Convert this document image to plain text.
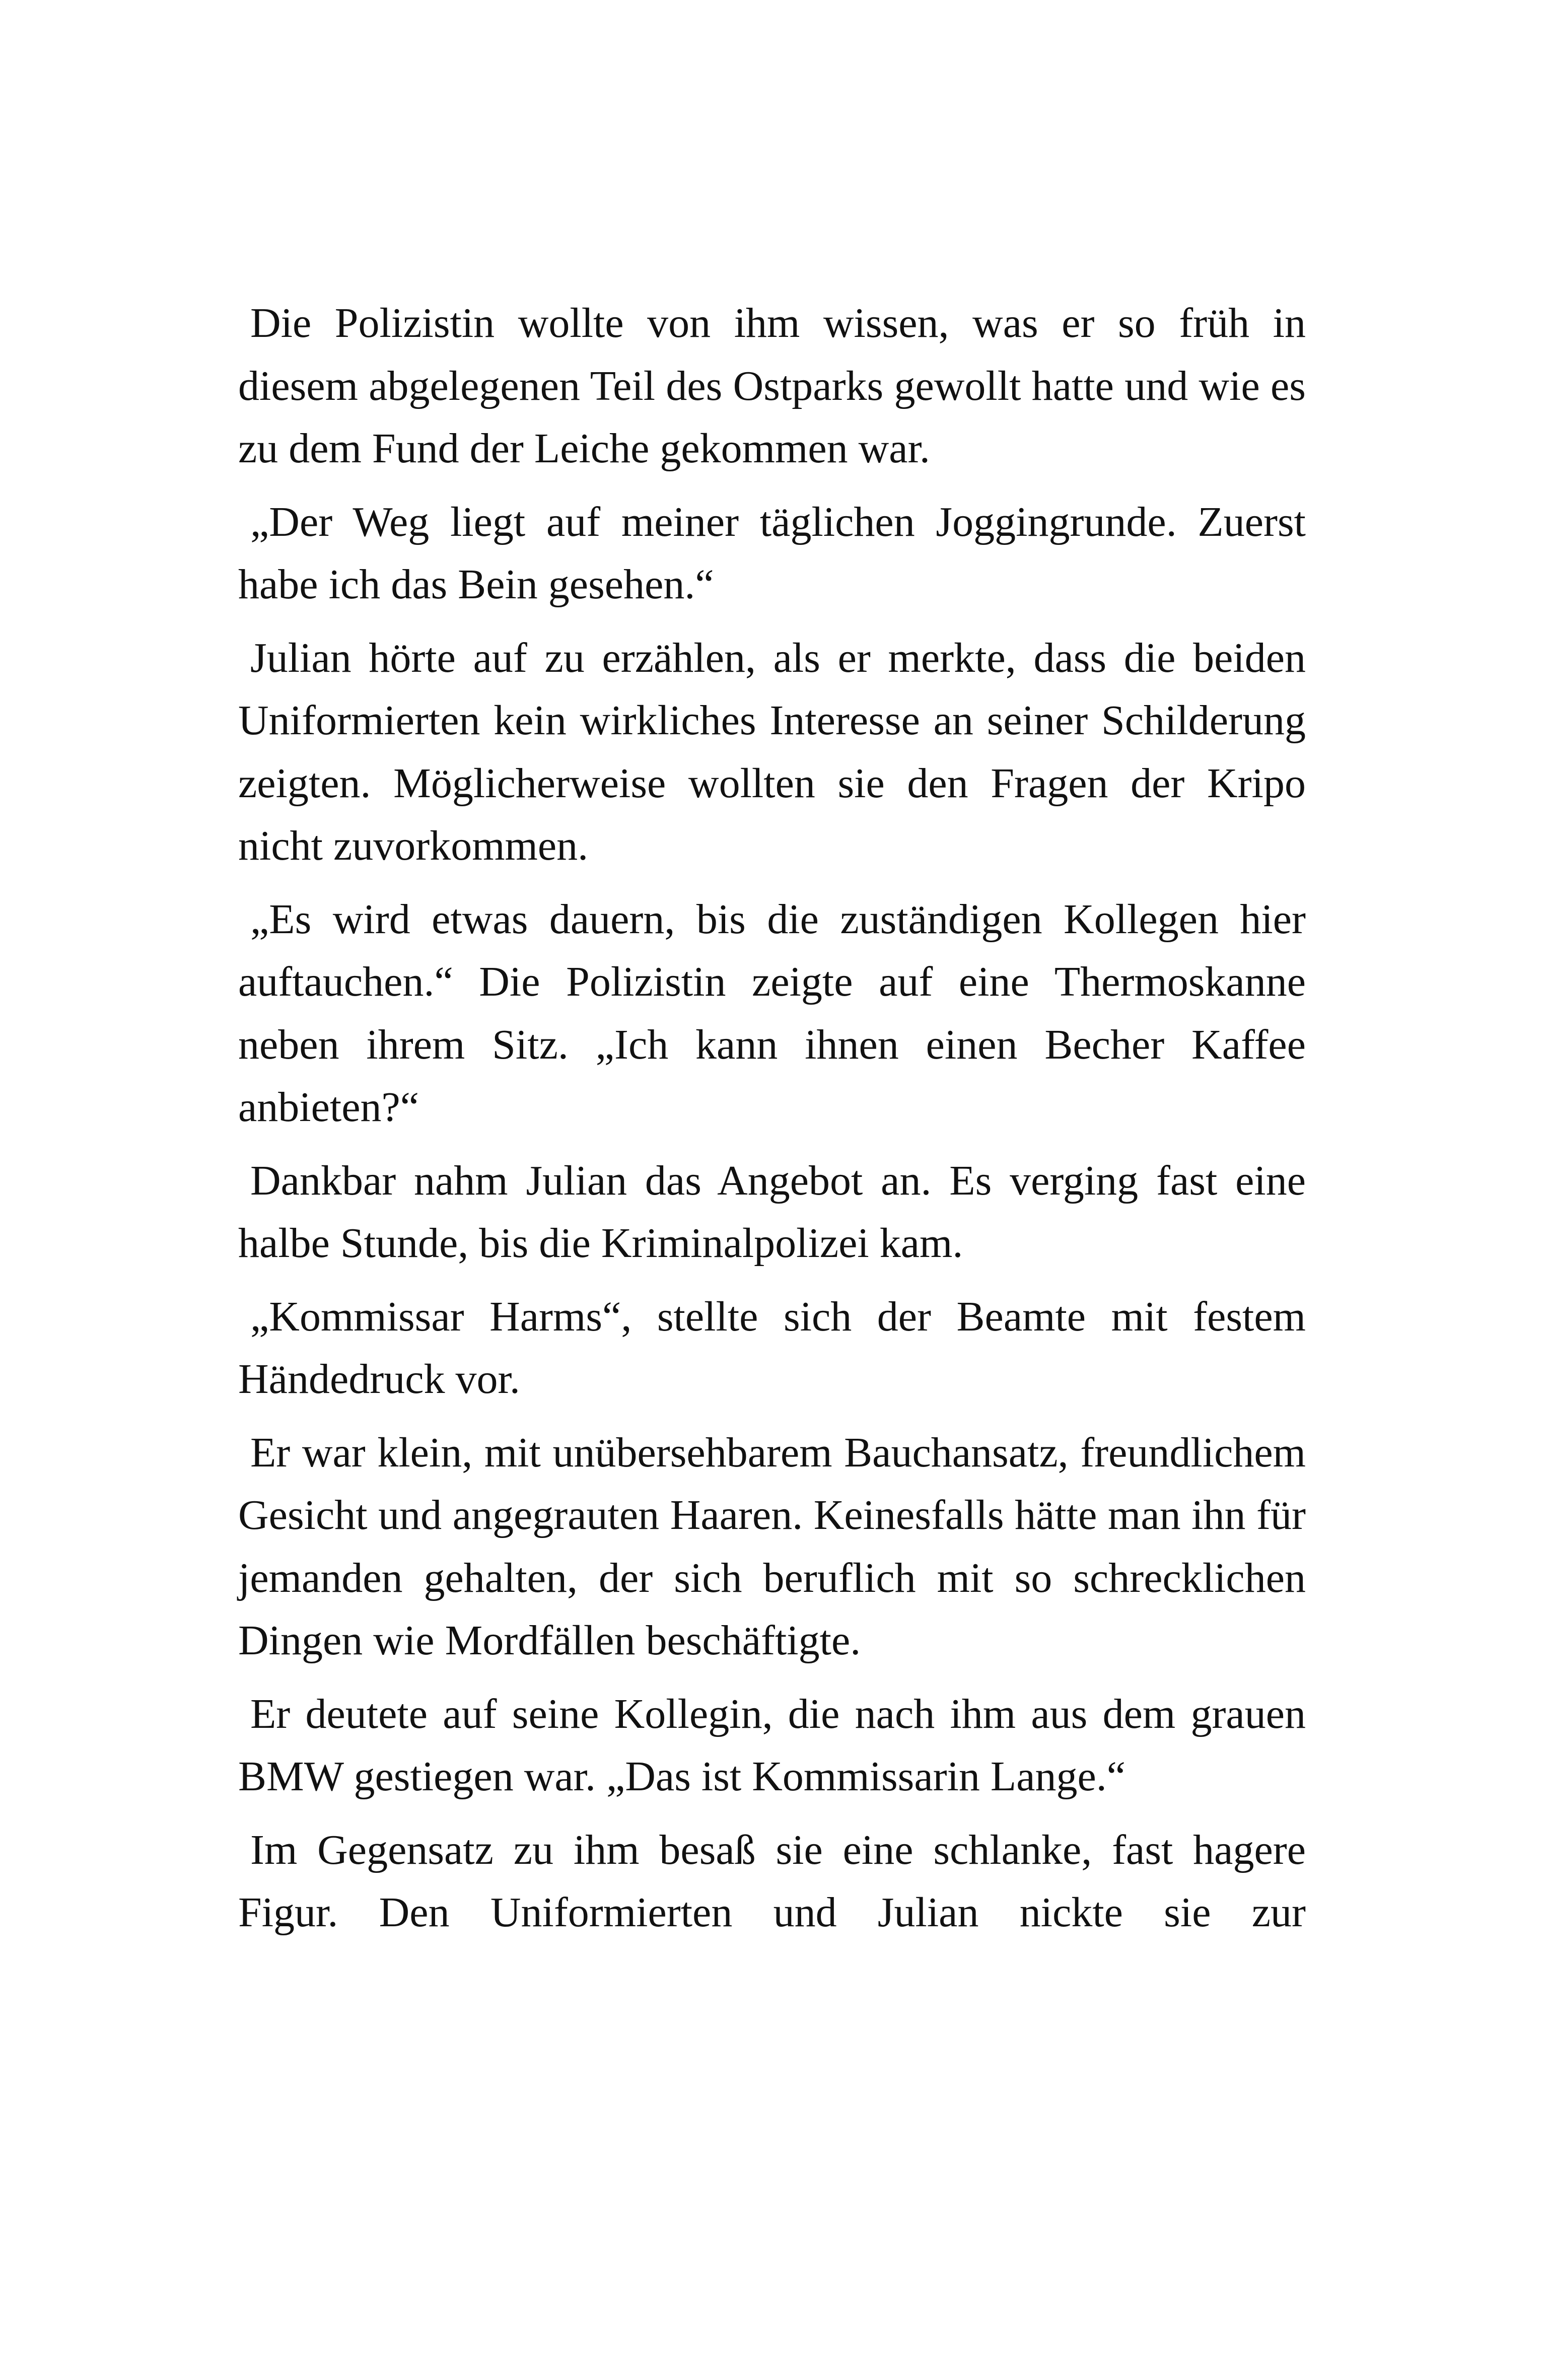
Die Polizistin wollte von ihm wissen, was er so früh in diesem abgelegenen Teil des Ostparks gewollt hatte und wie es zu dem Fund der Leiche gekommen war.

„Der Weg liegt auf meiner täglichen Joggingrunde. Zuerst habe ich das Bein gesehen.“

Julian hörte auf zu erzählen, als er merkte, dass die beiden Uniformierten kein wirkliches Interesse an seiner Schilderung zeigten. Möglicherweise wollten sie den Fragen der Kripo nicht zuvorkommen.

„Es wird etwas dauern, bis die zuständigen Kollegen hier auftauchen.“ Die Polizistin zeigte auf eine Thermoskanne neben ihrem Sitz. „Ich kann ihnen einen Becher Kaffee anbieten?“

Dankbar nahm Julian das Angebot an. Es verging fast eine halbe Stunde, bis die Kriminalpolizei kam.

„Kommissar Harms“, stellte sich der Beamte mit festem Händedruck vor.

Er war klein, mit unübersehbarem Bauchansatz, freundlichem Gesicht und angegrauten Haaren. Keinesfalls hätte man ihn für jemanden gehalten, der sich beruflich mit so schrecklichen Dingen wie Mordfällen beschäftigte.

Er deutete auf seine Kollegin, die nach ihm aus dem grauen BMW gestiegen war. „Das ist Kommissarin Lange.“

Im Gegensatz zu ihm besaß sie eine schlanke, fast hagere Figur. Den Uniformierten und Julian nickte sie zur
